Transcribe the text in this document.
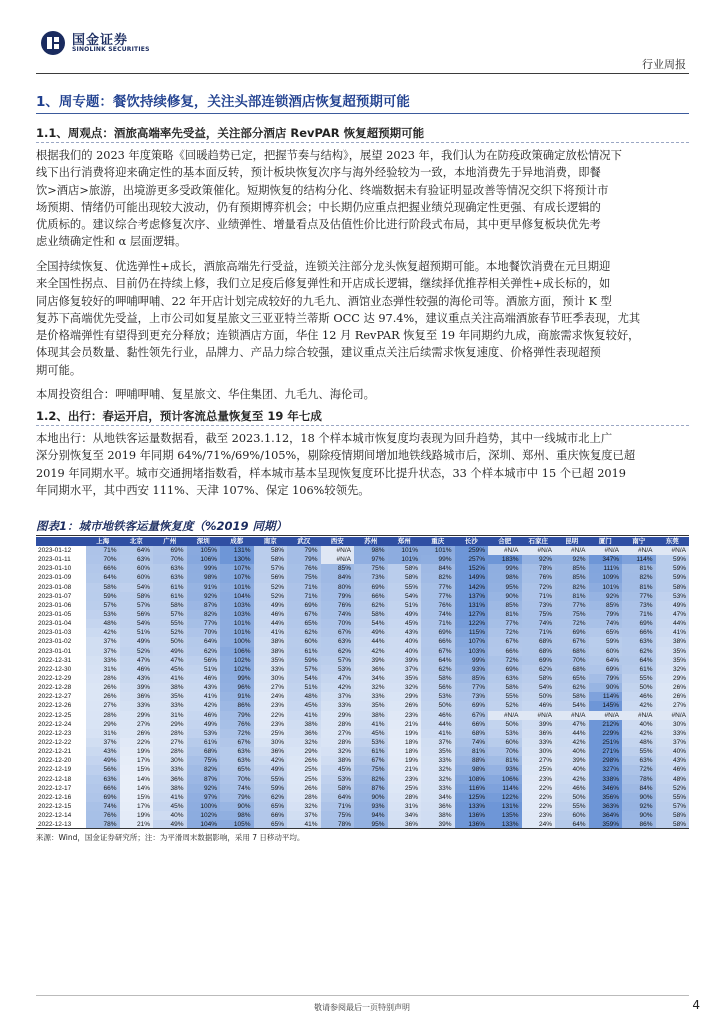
国金证券
SINOLINK SECURITIES
行业周报
1、周专题：餐饮持续修复，关注头部连锁酒店恢复超预期可能
1.1、周观点：酒旅高端率先受益，关注部分酒店 RevPAR 恢复超预期可能
根据我们的 2023 年度策略《回暖趋势已定，把握节奏与结构》，展望 2023 年，我们认为在防疫政策确定放松情况下
线下出行消费将迎来确定性的基本面反转，预计板块恢复次序与海外经验较为一致，本地消费先于异地消费，即餐
饮>酒店>旅游，出境游更多受政策催化。短期恢复的结构分化、终端数据未有验证明显改善等情况交织下将预计市
场预期、情绪仍可能出现较大波动，仍有预期博弈机会；中长期仍应重点把握业绩兑现确定性更强、有成长逻辑的
优质标的。建议综合考虑修复次序、业绩弹性、增量看点及估值性价比进行阶段式布局，其中更早修复板块优先考
虑业绩确定性和 α 层面逻辑。
全国持续恢复、优选弹性+成长，酒旅高端先行受益，连锁关注部分龙头恢复超预期可能。本地餐饮消费在元旦期迎
来全国性拐点、目前仍在持续上修，我们立足疫后修复弹性和开店成长逻辑，继续择优推荐相关弹性+成长标的，如
同店修复较好的呷哺呷哺、22 年开店计划完成较好的九毛九、酒馆业态弹性较强的海伦司等。酒旅方面，预计 K 型
复苏下高端优先受益，上市公司如复星旅文三亚亚特兰蒂斯 OCC 达 97.4%，建议重点关注高端酒旅春节旺季表现，尤其
是价格端弹性有望得到更充分释放；连锁酒店方面，华住 12 月 RevPAR 恢复至 19 年同期约九成，商旅需求恢复较好，
体现其会员数量、黏性领先行业，品牌力、产品力综合较强，建议重点关注后续需求恢复速度、价格弹性表现超预
期可能。
本周投资组合：呷哺呷哺、复星旅文、华住集团、九毛九、海伦司。
1.2、出行：春运开启，预计客流总量恢复至 19 年七成
本地出行：从地铁客运量数据看，截至 2023.1.12，18 个样本城市恢复度均表现为回升趋势，其中一线城市北上广
深分别恢复至 2019 年同期 64%/71%/69%/105%，剔除疫情期间增加地铁线路城市后，深圳、郑州、重庆恢复度已超
2019 年同期水平。城市交通拥堵指数看，样本城市基本呈现恢复度环比提升状态，33 个样本城市中 15 个已超 2019
年同期水平，其中西安 111%、天津 107%、保定 106%较领先。
图表1：城市地铁客运量恢复度（%2019 同期）
	上海	北京	广州	深圳	成都	南京	武汉	西安	苏州	郑州	重庆	长沙	合肥	石家庄	昆明	厦门	南宁	东莞
2023-01-12	71%	64%	69%	105%	131%	58%	79%	#N/A	98%	101%	101%	259%	#N/A	#N/A	#N/A	#N/A	#N/A	#N/A
2023-01-11	70%	63%	70%	106%	130%	58%	79%	#N/A	97%	101%	99%	257%	183%	92%	92%	347%	114%	59%
2023-01-10	66%	60%	63%	99%	107%	57%	76%	85%	75%	58%	84%	152%	99%	78%	85%	111%	81%	59%
2023-01-09	64%	60%	63%	98%	107%	56%	75%	84%	73%	58%	82%	149%	98%	76%	85%	109%	82%	59%
2023-01-08	58%	54%	61%	91%	101%	52%	71%	80%	69%	55%	77%	142%	95%	72%	82%	101%	81%	58%
2023-01-07	59%	58%	61%	92%	104%	52%	71%	79%	66%	54%	77%	137%	90%	71%	81%	92%	77%	53%
2023-01-06	57%	57%	58%	87%	103%	49%	69%	76%	62%	51%	76%	131%	85%	73%	77%	85%	73%	49%
2023-01-05	53%	56%	57%	82%	103%	46%	67%	74%	58%	49%	74%	127%	81%	75%	75%	79%	71%	47%
2023-01-04	48%	54%	55%	77%	101%	44%	65%	70%	54%	45%	71%	122%	77%	74%	72%	74%	69%	44%
2023-01-03	42%	51%	52%	70%	101%	41%	62%	67%	49%	43%	69%	115%	72%	71%	69%	65%	66%	41%
2023-01-02	37%	49%	50%	64%	100%	38%	60%	63%	44%	40%	66%	107%	67%	68%	67%	59%	63%	38%
2023-01-01	37%	52%	49%	62%	106%	38%	61%	62%	42%	40%	67%	103%	66%	68%	68%	60%	62%	35%
2022-12-31	33%	47%	47%	56%	102%	35%	59%	57%	39%	39%	64%	99%	72%	69%	70%	64%	64%	35%
2022-12-30	31%	46%	45%	51%	102%	33%	57%	53%	36%	37%	62%	93%	69%	62%	68%	69%	61%	32%
2022-12-29	28%	43%	41%	46%	99%	30%	54%	47%	34%	35%	58%	85%	63%	58%	65%	79%	55%	29%
2022-12-28	26%	39%	38%	43%	96%	27%	51%	42%	32%	32%	56%	77%	58%	54%	62%	90%	50%	26%
2022-12-27	26%	36%	35%	41%	91%	24%	48%	37%	33%	29%	53%	73%	55%	50%	58%	114%	46%	26%
2022-12-26	27%	33%	33%	42%	86%	23%	45%	33%	35%	26%	50%	69%	52%	46%	54%	145%	42%	27%
2022-12-25	28%	29%	31%	46%	79%	22%	41%	29%	38%	23%	46%	67%	#N/A	#N/A	#N/A	#N/A	#N/A	#N/A
2022-12-24	29%	27%	29%	49%	76%	23%	38%	28%	41%	21%	44%	66%	50%	39%	47%	212%	40%	30%
2022-12-23	31%	26%	28%	53%	72%	25%	36%	27%	45%	19%	41%	68%	53%	36%	44%	229%	42%	33%
2022-12-22	37%	22%	27%	61%	67%	30%	32%	28%	53%	18%	37%	74%	60%	33%	42%	251%	48%	37%
2022-12-21	43%	19%	28%	68%	63%	36%	29%	32%	61%	18%	35%	81%	70%	30%	40%	271%	55%	40%
2022-12-20	49%	17%	30%	75%	63%	42%	26%	38%	67%	19%	33%	88%	81%	27%	39%	298%	63%	43%
2022-12-19	56%	15%	33%	82%	65%	49%	25%	45%	75%	21%	32%	98%	93%	25%	40%	327%	72%	46%
2022-12-18	63%	14%	36%	87%	70%	55%	25%	53%	82%	23%	32%	108%	106%	23%	42%	338%	78%	48%
2022-12-17	66%	14%	38%	92%	74%	59%	26%	58%	87%	25%	33%	116%	114%	22%	46%	346%	84%	52%
2022-12-16	69%	15%	41%	97%	79%	62%	28%	64%	90%	28%	34%	125%	122%	22%	50%	356%	90%	55%
2022-12-15	74%	17%	45%	100%	90%	65%	32%	71%	93%	31%	36%	133%	131%	22%	55%	363%	92%	57%
2022-12-14	76%	19%	40%	102%	98%	66%	37%	75%	94%	34%	38%	136%	135%	23%	60%	364%	90%	58%
2022-12-13	78%	21%	49%	104%	105%	65%	41%	78%	95%	36%	39%	136%	133%	24%	64%	359%	86%	58%
来源：Wind，国金证券研究所；注：为平滑周末数据影响，采用 7 日移动平均。
敬请参阅最后一页特别声明	4
